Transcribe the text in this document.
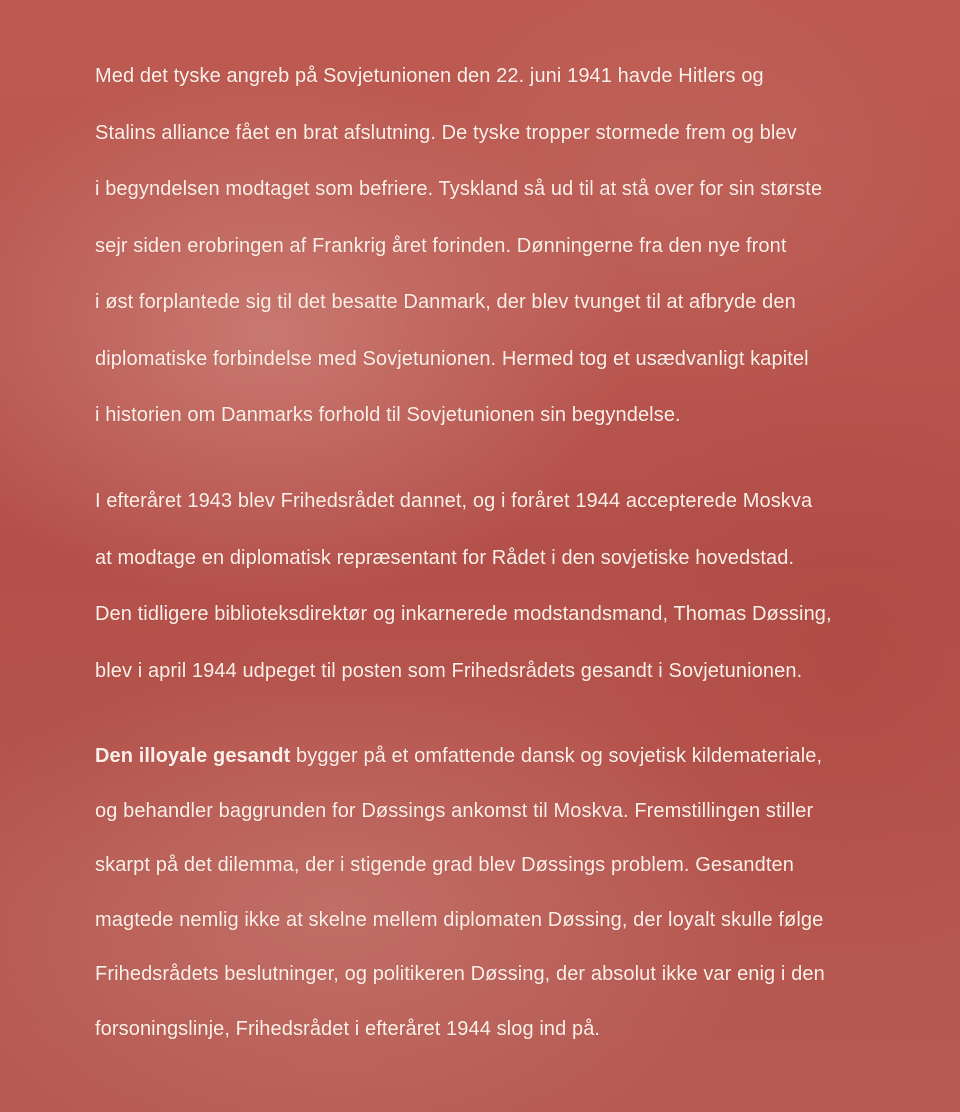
Med det tyske angreb på Sovjetunionen den 22. juni 1941 havde Hitlers og
Stalins alliance fået en brat afslutning. De tyske tropper stormede frem og blev
i begyndelsen modtaget som befriere. Tyskland så ud til at stå over for sin største
sejr siden erobringen af Frankrig året forinden. Dønningerne fra den nye front
i øst forplantede sig til det besatte Danmark, der blev tvunget til at afbryde den
diplomatiske forbindelse med Sovjetunionen. Hermed tog et usædvanligt kapitel
i historien om Danmarks forhold til Sovjetunionen sin begyndelse.

I efteråret 1943 blev Frihedsrådet dannet, og i foråret 1944 accepterede Moskva
at modtage en diplomatisk repræsentant for Rådet i den sovjetiske hovedstad.
Den tidligere biblioteksdirektør og inkarnerede modstandsmand, Thomas Døssing,
blev i april 1944 udpeget til posten som Frihedsrådets gesandt i Sovjetunionen.

Den illoyale gesandt bygger på et omfattende dansk og sovjetisk kildemateriale,
og behandler baggrunden for Døssings ankomst til Moskva. Fremstillingen stiller
skarpt på det dilemma, der i stigende grad blev Døssings problem. Gesandten
magtede nemlig ikke at skelne mellem diplomaten Døssing, der loyalt skulle følge
Frihedsrådets beslutninger, og politikeren Døssing, der absolut ikke var enig i den
forsoningslinje, Frihedsrådet i efteråret 1944 slog ind på.
